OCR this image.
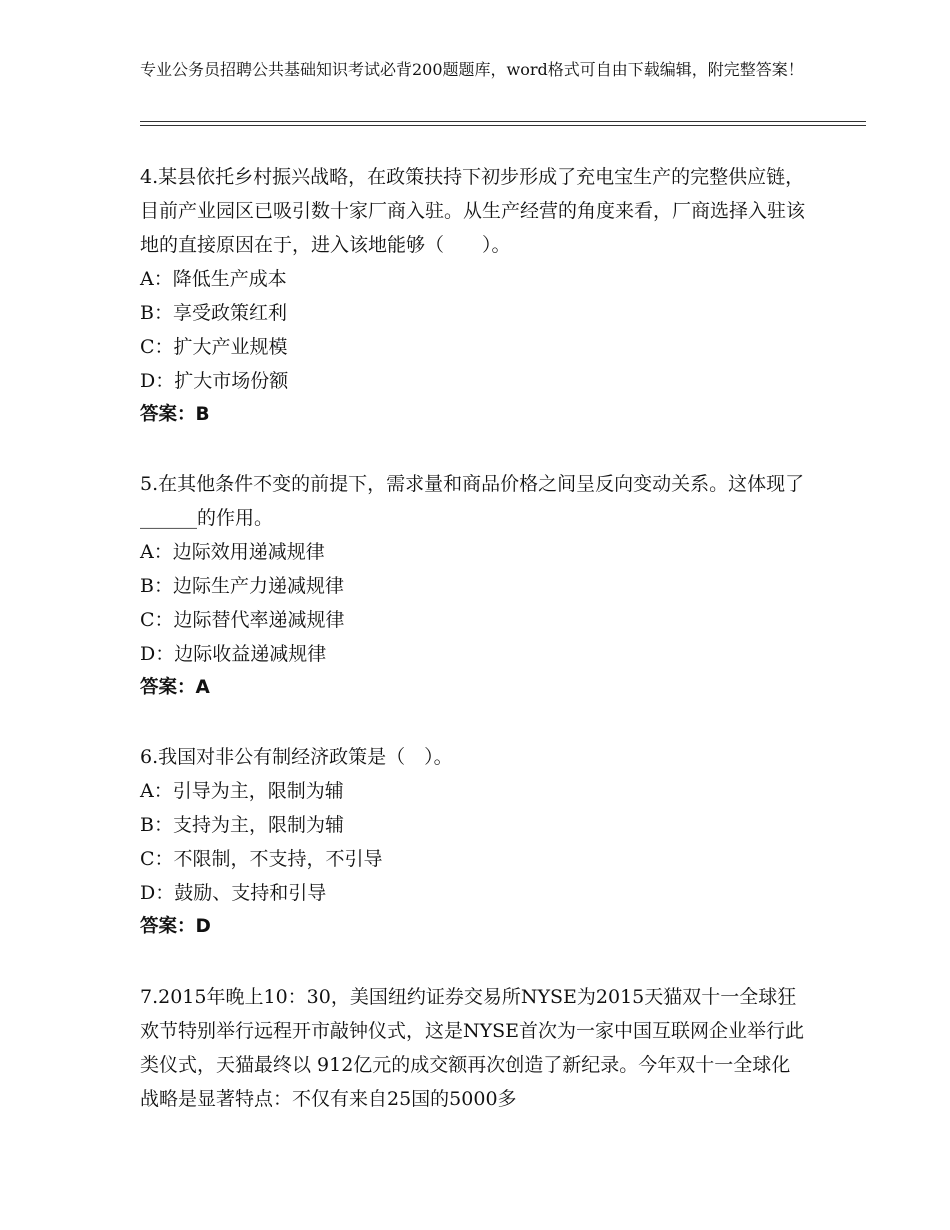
专业公务员招聘公共基础知识考试必背200题题库，word格式可自由下载编辑，附完整答案！

4.某县依托乡村振兴战略，在政策扶持下初步形成了充电宝生产的完整供应链，目前产业园区已吸引数十家厂商入驻。从生产经营的角度来看，厂商选择入驻该地的直接原因在于，进入该地能够（　　）。

A：降低生产成本

B：享受政策红利

C：扩大产业规模

D：扩大市场份额

答案：B

5.在其他条件不变的前提下，需求量和商品价格之间呈反向变动关系。这体现了______的作用。

A：边际效用递减规律

B：边际生产力递减规律

C：边际替代率递减规律

D：边际收益递减规律

答案：A

6.我国对非公有制经济政策是（　）。

A：引导为主，限制为辅

B：支持为主，限制为辅

C：不限制，不支持，不引导

D：鼓励、支持和引导

答案：D

7.2015年晚上10：30，美国纽约证券交易所NYSE为2015天猫双十一全球狂欢节特别举行远程开市敲钟仪式，这是NYSE首次为一家中国互联网企业举行此类仪式，天猫最终以 912亿元的成交额再次创造了新纪录。今年双十一全球化战略是显著特点：不仅有来自25国的5000多
